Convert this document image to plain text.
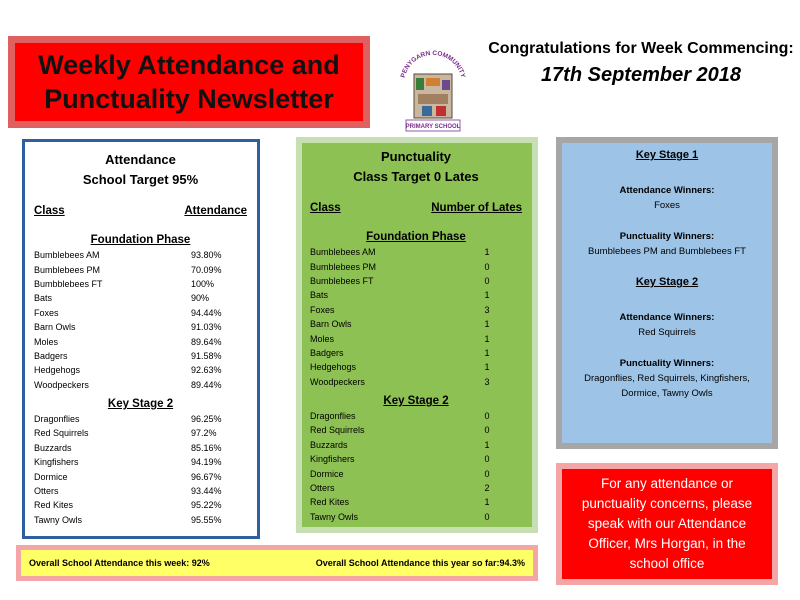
Weekly Attendance and
Punctuality Newsletter
PENYGARN COMMUNITY
PRIMARY SCHOOL
Congratulations for Week Commencing:
17th September 2018
Attendance
School Target 95%
Class	Attendance
Foundation Phase
Bumblebees AM	93.80%
Bumblebees PM	70.09%
Bumbblebees FT	100%
Bats	90%
Foxes	94.44%
Barn Owls	91.03%
Moles	89.64%
Badgers	91.58%
Hedgehogs	92.63%
Woodpeckers	89.44%
Key Stage 2
Dragonflies	96.25%
Red Squirrels	97.2%
Buzzards	85.16%
Kingfishers	94.19%
Dormice	96.67%
Otters	93.44%
Red Kites	95.22%
Tawny Owls	95.55%
Punctuality
Class Target 0 Lates
Class	Number of Lates
Foundation Phase
Bumblebees AM	1
Bumblebees PM	0
Bumblebees FT	0
Bats	1
Foxes	3
Barn Owls	1
Moles	1
Badgers	1
Hedgehogs	1
Woodpeckers	3
Key Stage 2
Dragonflies	0
Red Squirrels	0
Buzzards	1
Kingfishers	0
Dormice	0
Otters	2
Red Kites	1
Tawny Owls	0
Key Stage 1
Attendance Winners:
Foxes
Punctuality Winners:
Bumblebees PM and Bumblebees FT
Key Stage 2
Attendance Winners:
Red Squirrels
Punctuality Winners:
Dragonflies, Red Squirrels, Kingfishers,
Dormice, Tawny Owls
For any attendance or punctuality concerns, please speak with our Attendance Officer, Mrs Horgan, in the school office
Overall School Attendance this week: 92%	Overall School Attendance this year so far:94.3%
